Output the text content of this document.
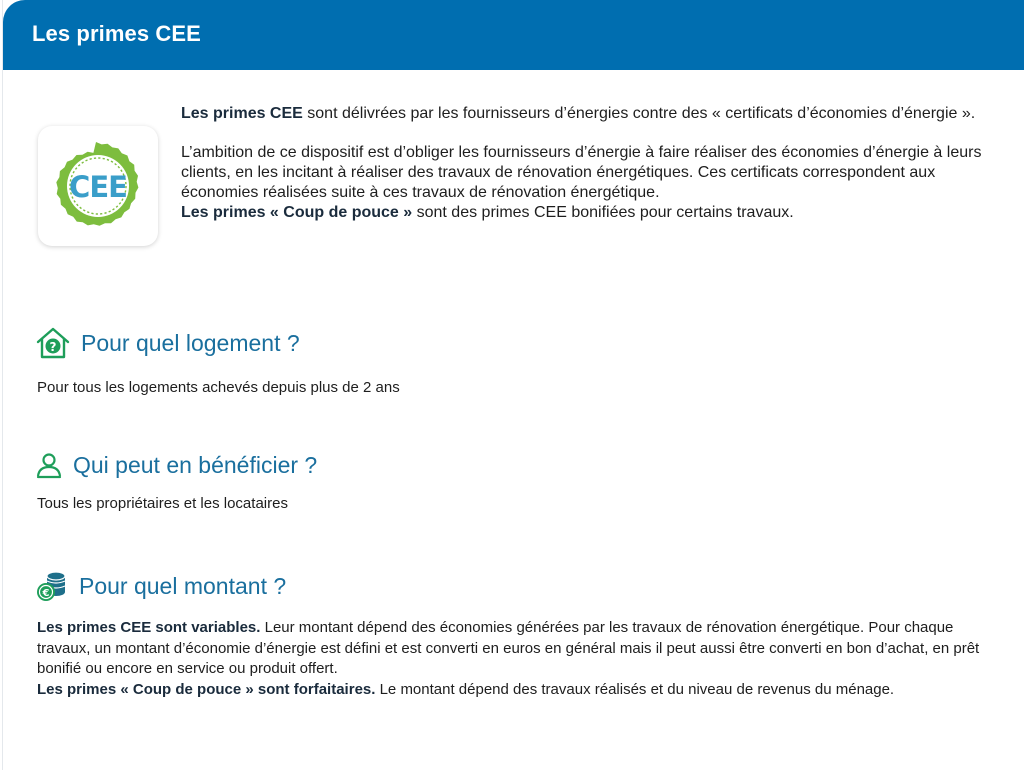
Les primes CEE
CEE

Les primes CEE sont délivrées par les fournisseurs d’énergies contre des « certificats d’économies d’énergie ».

L’ambition de ce dispositif est d’obliger les fournisseurs d’énergie à faire réaliser des économies d’énergie à leurs clients, en les incitant à réaliser des travaux de rénovation énergétiques. Ces certificats correspondent aux économies réalisées suite à ces travaux de rénovation énergétique.

Les primes « Coup de pouce » sont des primes CEE bonifiées pour certains travaux.

? Pour quel logement ?
Pour tous les logements achevés depuis plus de 2 ans
Qui peut en bénéficier ?
Tous les propriétaires et les locataires
€ Pour quel montant ?

Les primes CEE sont variables. Leur montant dépend des économies générées par les travaux de rénovation énergétique. Pour chaque travaux, un montant d’économie d’énergie est défini et est converti en euros en général mais il peut aussi être converti en bon d’achat, en prêt bonifié ou encore en service ou produit offert.

Les primes « Coup de pouce » sont forfaitaires. Le montant dépend des travaux réalisés et du niveau de revenus du ménage.
